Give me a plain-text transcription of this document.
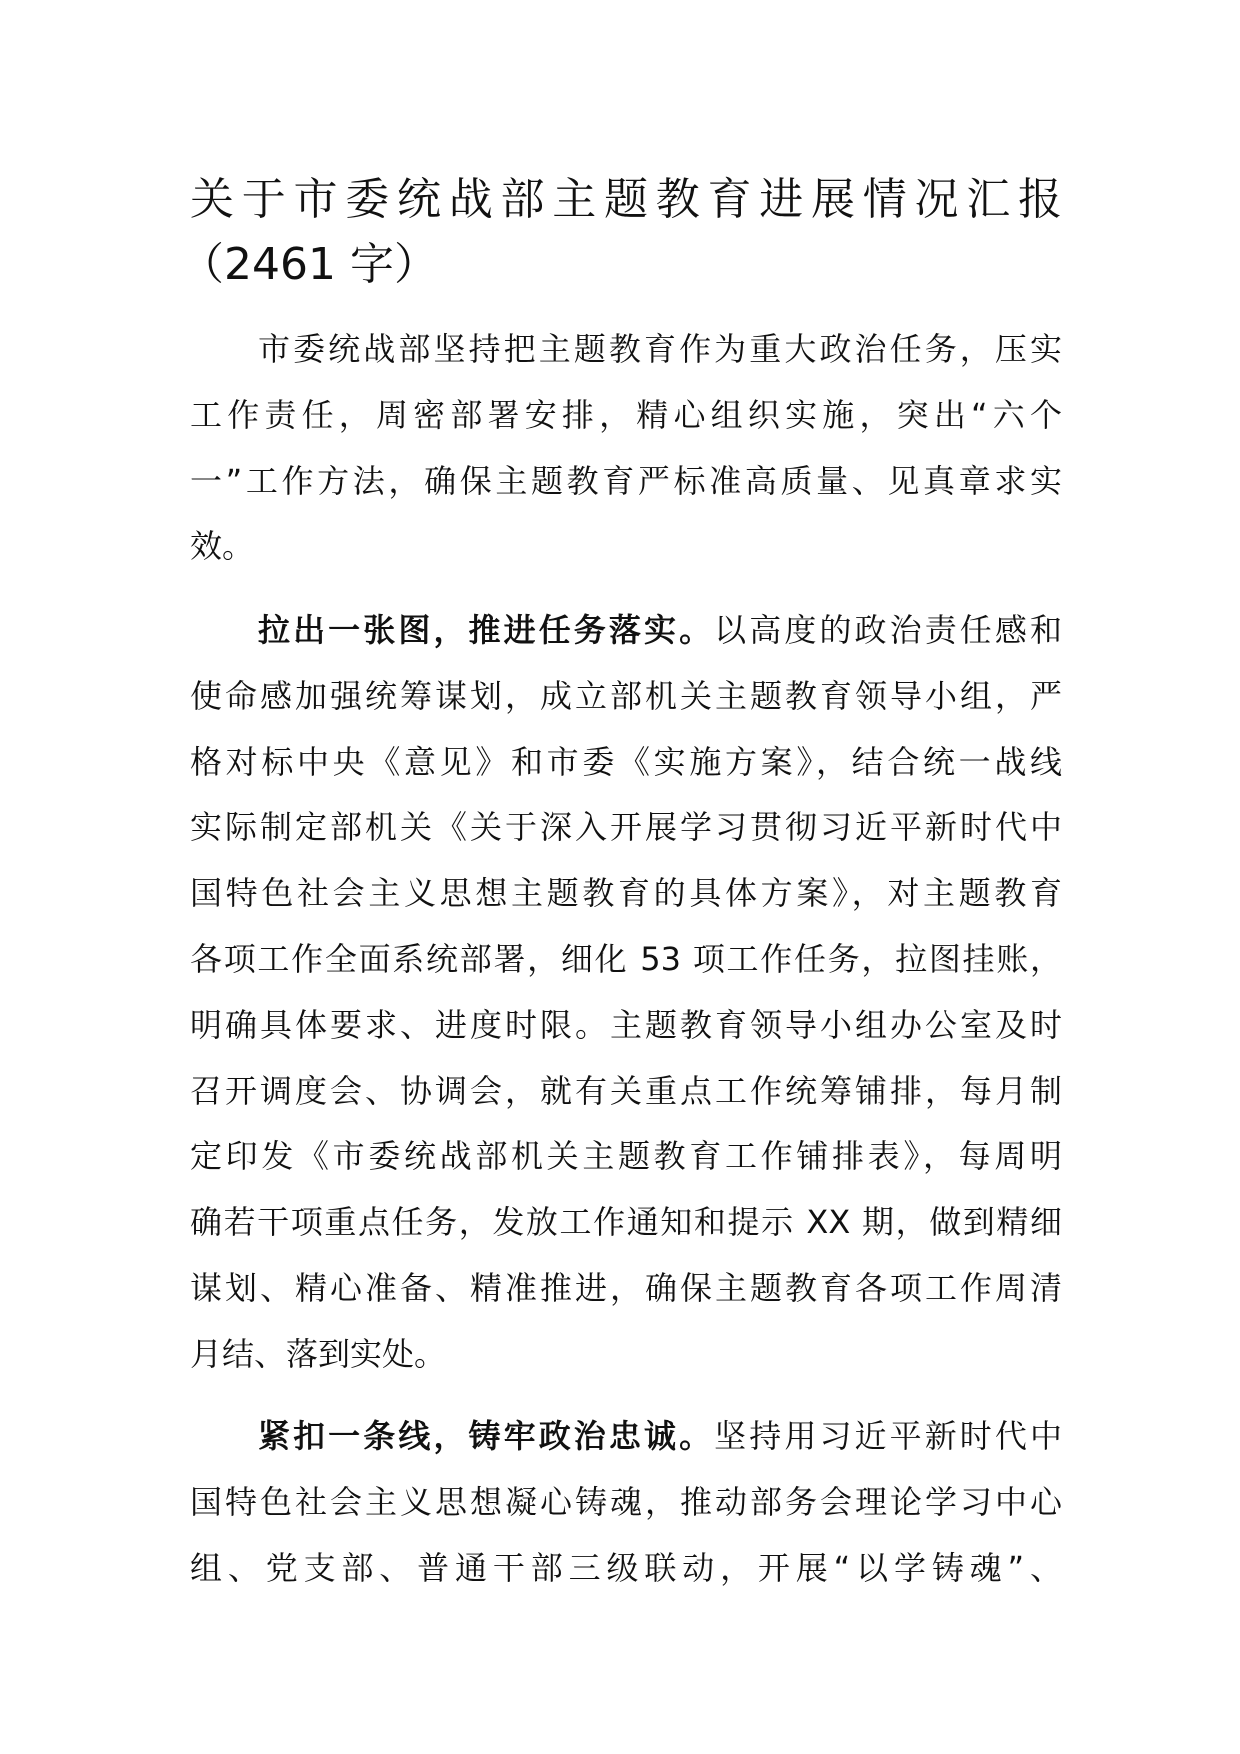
关于市委统战部主题教育进展情况汇报
（2461 字）
市委统战部坚持把主题教育作为重大政治任务，压实
工作责任，周密部署安排，精心组织实施，突出“六个
一”工作方法，确保主题教育严标准高质量、见真章求实
效。
拉出一张图，推进任务落实。以高度的政治责任感和
使命感加强统筹谋划，成立部机关主题教育领导小组，严
格对标中央《意见》和市委《实施方案》，结合统一战线
实际制定部机关《关于深入开展学习贯彻习近平新时代中
国特色社会主义思想主题教育的具体方案》，对主题教育
各项工作全面系统部署，细化 53 项工作任务，拉图挂账，
明确具体要求、进度时限。主题教育领导小组办公室及时
召开调度会、协调会，就有关重点工作统筹铺排，每月制
定印发《市委统战部机关主题教育工作铺排表》，每周明
确若干项重点任务，发放工作通知和提示 XX 期，做到精细
谋划、精心准备、精准推进，确保主题教育各项工作周清
月结、落到实处。
紧扣一条线，铸牢政治忠诚。坚持用习近平新时代中
国特色社会主义思想凝心铸魂，推动部务会理论学习中心
组、党支部、普通干部三级联动，开展“以学铸魂”、
